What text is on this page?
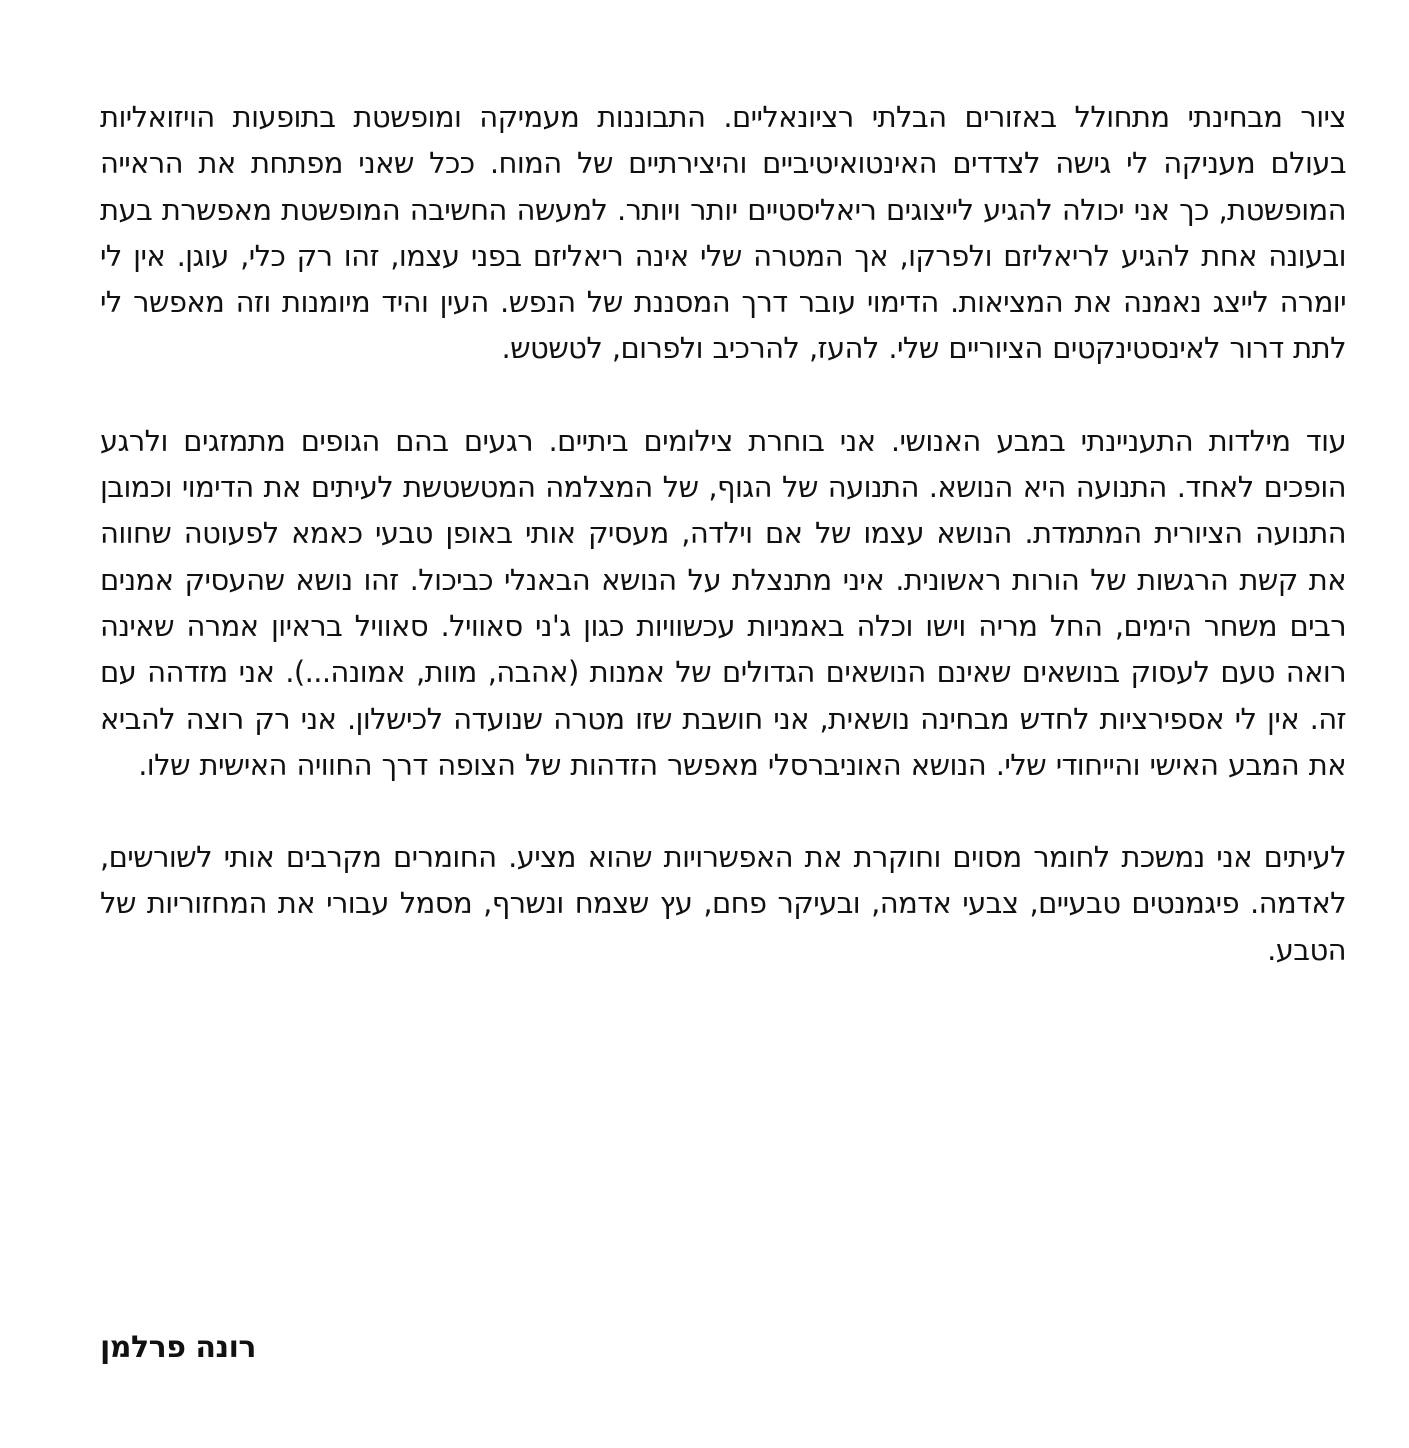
ציור מבחינתי מתחולל באזורים הבלתי רציונאליים. התבוננות מעמיקה ומופשטת בתופעות הויזואליות בעולם מעניקה לי גישה לצדדים האינטואיטיביים והיצירתיים של המוח. ככל שאני מפתחת את הראייה המופשטת, כך אני יכולה להגיע לייצוגים ריאליסטיים יותר ויותר. למעשה החשיבה המופשטת מאפשרת בעת ובעונה אחת להגיע לריאליזם ולפרקו, אך המטרה שלי אינה ריאליזם בפני עצמו, זהו רק כלי, עוגן. אין לי יומרה לייצג נאמנה את המציאות. הדימוי עובר דרך המסננת של הנפש. העין והיד מיומנות וזה מאפשר לי לתת דרור לאינסטינקטים הציוריים שלי. להעז, להרכיב ולפרום, לטשטש.

עוד מילדות התעניינתי במבע האנושי. אני בוחרת צילומים ביתיים. רגעים בהם הגופים מתמזגים ולרגע הופכים לאחד. התנועה היא הנושא. התנועה של הגוף, של המצלמה המטשטשת לעיתים את הדימוי וכמובן התנועה הציורית המתמדת. הנושא עצמו של אם וילדה, מעסיק אותי באופן טבעי כאמא לפעוטה שחווה את קשת הרגשות של הורות ראשונית. איני מתנצלת על הנושא הבאנלי כביכול. זהו נושא שהעסיק אמנים רבים משחר הימים, החל מריה וישו וכלה באמניות עכשוויות כגון ג'ני סאוויל. סאוויל בראיון אמרה שאינה רואה טעם לעסוק בנושאים שאינם הנושאים הגדולים של אמנות (אהבה, מוות, אמונה...). אני מזדהה עם זה. אין לי אספירציות לחדש מבחינה נושאית, אני חושבת שזו מטרה שנועדה לכישלון. אני רק רוצה להביא את המבע האישי והייחודי שלי. הנושא האוניברסלי מאפשר הזדהות של הצופה דרך החוויה האישית שלו.

לעיתים אני נמשכת לחומר מסוים וחוקרת את האפשרויות שהוא מציע. החומרים מקרבים אותי לשורשים, לאדמה. פיגמנטים טבעיים, צבעי אדמה, ובעיקר פחם, עץ שצמח ונשרף, מסמל עבורי את המחזוריות של הטבע.

רונה פרלמן
